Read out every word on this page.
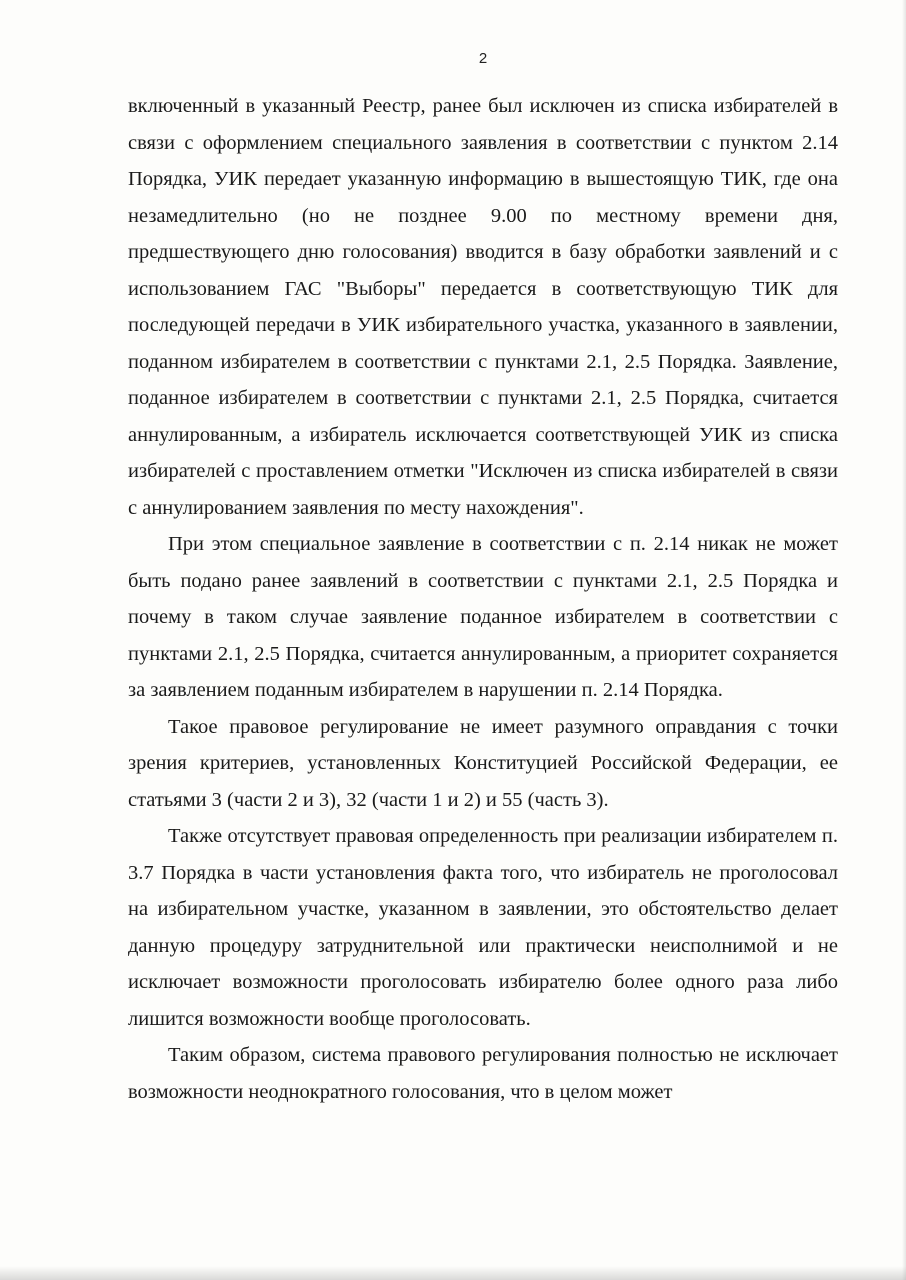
2

включенный в указанный Реестр, ранее был исключен из списка избирателей в связи с оформлением специального заявления в соответствии с пунктом 2.14 Порядка, УИК передает указанную информацию в вышестоящую ТИК, где она незамедлительно (но не позднее 9.00 по местному времени дня, предшествующего дню голосования) вводится в базу обработки заявлений и с использованием ГАС "Выборы" передается в соответствующую ТИК для последующей передачи в УИК избирательного участка, указанного в заявлении, поданном избирателем в соответствии с пунктами 2.1, 2.5 Порядка. Заявление, поданное избирателем в соответствии с пунктами 2.1, 2.5 Порядка, считается аннулированным, а избиратель исключается соответствующей УИК из списка избирателей с проставлением отметки "Исключен из списка избирателей в связи с аннулированием заявления по месту нахождения".

При этом специальное заявление в соответствии с п. 2.14 никак не может быть подано ранее заявлений в соответствии с пунктами 2.1, 2.5 Порядка и почему в таком случае заявление поданное избирателем в соответствии с пунктами 2.1, 2.5 Порядка, считается аннулированным, а приоритет сохраняется за заявлением поданным избирателем в нарушении п. 2.14 Порядка.

Такое правовое регулирование не имеет разумного оправдания с точки зрения критериев, установленных Конституцией Российской Федерации, ее статьями 3 (части 2 и 3), 32 (части 1 и 2) и 55 (часть 3).

Также отсутствует правовая определенность при реализации избирателем п. 3.7 Порядка в части установления факта того, что избиратель не проголосовал на избирательном участке, указанном в заявлении, это обстоятельство делает данную процедуру затруднительной или практически неисполнимой и не исключает возможности проголосовать избирателю более одного раза либо лишится возможности вообще проголосовать.

Таким образом, система правового регулирования полностью не исключает возможности неоднократного голосования, что в целом может
